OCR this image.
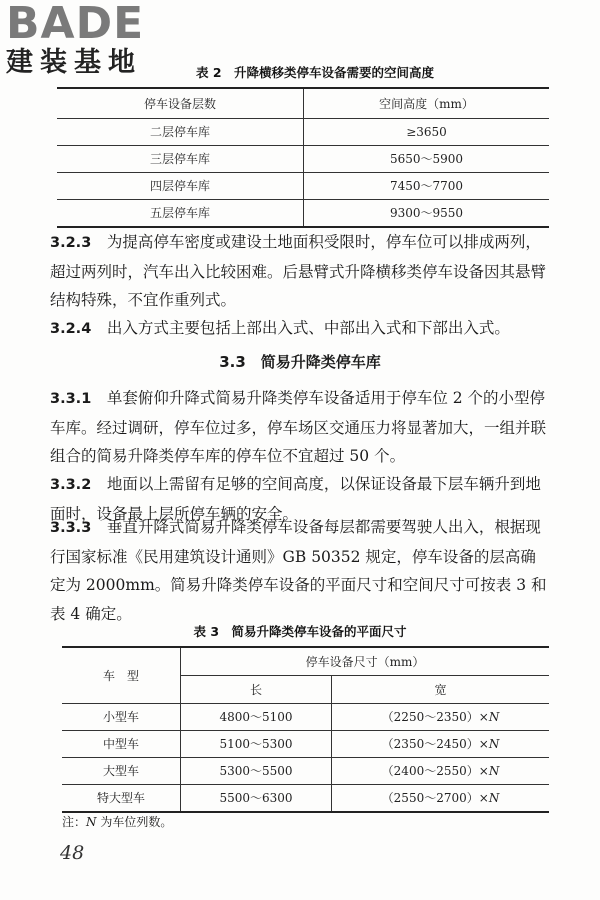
BADE
建装基地	表 2　升降横移类停车设备需要的空间高度
停车设备层数	空间高度（mm）
二层停车库	≥3650
三层停车库	5650～5900
四层停车库	7450～7700
五层停车库	9300～9550

3.2.3　 为提高停车密度或建设土地面积受限时，停车位可以排成两列，超过两列时，汽车出入比较困难。后悬臂式升降横移类停车设备因其悬臂结构特殊，不宜作重列式。

3.2.4　 出入方式主要包括上部出入式、中部出入式和下部出入式。

3.3　简易升降类停车库

3.3.1　 单套俯仰升降式简易升降类停车设备适用于停车位 2 个的小型停车库。经过调研，停车位过多，停车场区交通压力将显著加大，一组并联组合的简易升降类停车库的停车位不宜超过 50 个。

3.3.2　 地面以上需留有足够的空间高度，以保证设备最下层车辆升到地面时，设备最上层所停车辆的安全。

3.3.3　 垂直升降式简易升降类停车设备每层都需要驾驶人出入，根据现行国家标准《民用建筑设计通则》GB 50352 规定，停车设备的层高确定为 2000mm。简易升降类停车设备的平面尺寸和空间尺寸可按表 3 和表 4 确定。

表 3　简易升降类停车设备的平面尺寸
车　型	停车设备尺寸（mm）	
	长	宽
小型车	4800～5100	（2250～2350）×N
中型车	5100～5300	（2350～2450）×N
大型车	5300～5500	（2400～2550）×N
特大型车	5500～6300	（2550～2700）×N
注：N 为车位列数。
48
